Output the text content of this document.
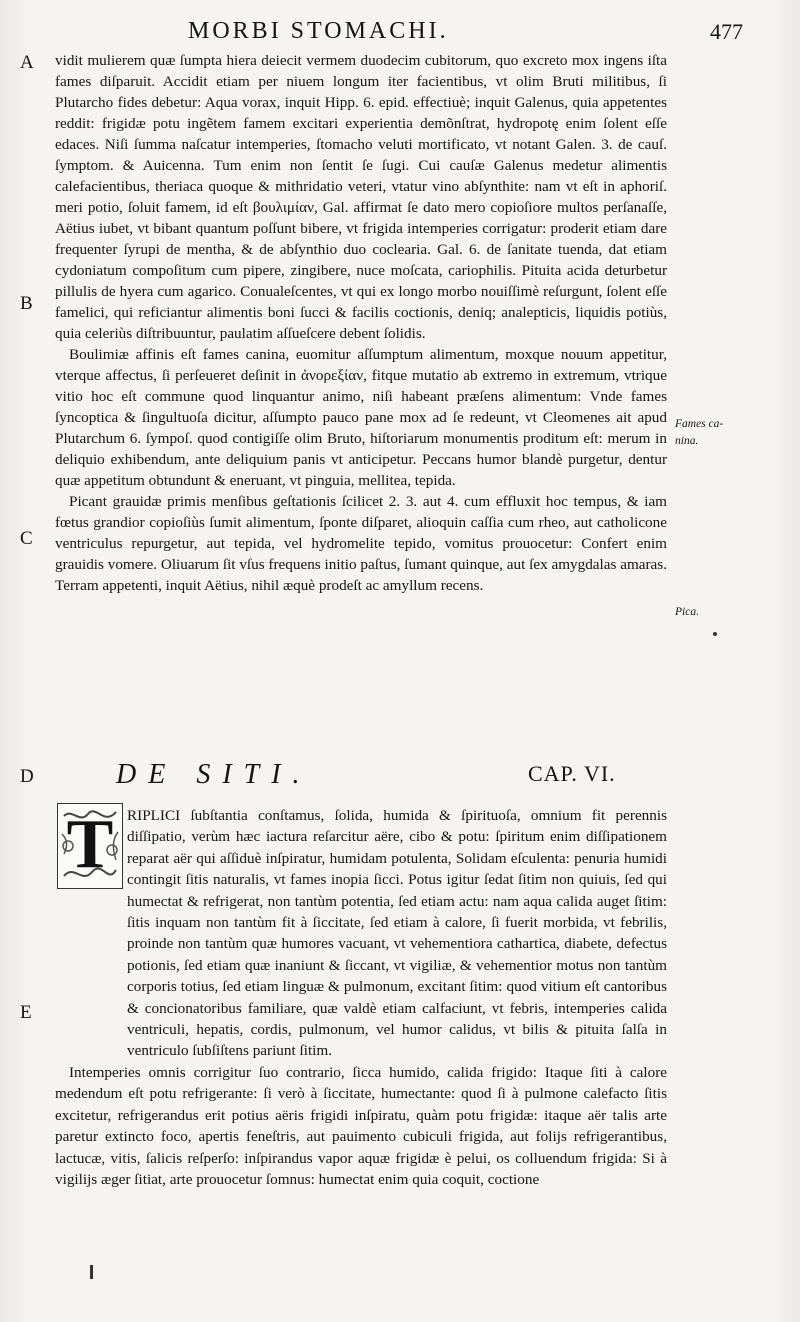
MORBI STOMACHI.	477
A
B
C
D
E
Fames ca-nina.
Pica.

vidit mulierem quæ ſumpta hiera deiecit vermem duodecim cubitorum, quo excreto mox ingens iſta fames diſparuit. Accidit etiam per niuem longum iter facientibus, vt olim Bruti militibus, ſi Plutarcho fides debetur: Aqua vorax, inquit Hipp. 6. epid. effectiuè; inquit Galenus, quia appetentes reddit: frigidæ potu ingẽtem famem excitari experientia demõnſtrat, hydropotę enim ſolent eſſe edaces. Niſi ſumma naſcatur intemperies, ſtomacho veluti mortificato, vt notant Galen. 3. de cauſ. ſymptom. & Auicenna. Tum enim non ſentit ſe ſugi. Cui cauſæ Galenus medetur alimentis calefacientibus, theriaca quoque & mithridatio veteri, vtatur vino abſynthite: nam vt eſt in aphoriſ. meri potio, ſoluit famem, id eſt βουλιμίαν, Gal. affirmat ſe dato mero copioſiore multos perſanaſſe, Aëtius iubet, vt bibant quantum poſſunt bibere, vt frigida intemperies corrigatur: proderit etiam dare frequenter ſyrupi de mentha, & de abſynthio duo coclearia. Gal. 6. de ſanitate tuenda, dat etiam cydoniatum compoſitum cum pipere, zingibere, nuce moſcata, cariophilis. Pituita acida deturbetur pillulis de hyera cum agarico. Conualeſcentes, vt qui ex longo morbo nouiſſimè reſurgunt, ſolent eſſe famelici, qui reficiantur alimentis boni ſucci & facilis coctionis, deniq; analepticis, liquidis potiùs, quia celeriùs diſtribuuntur, paulatim aſſueſcere debent ſolidis.

Boulimiæ affinis eſt fames canina, euomitur aſſumptum alimentum, moxque nouum appetitur, vterque affectus, ſi perſeueret deſinit in ἀνορεξίαν, fitque mutatio ab extremo in extremum, vtrique vitio hoc eſt commune quod linquantur animo, niſi habeant præſens alimentum: Vnde fames ſyncoptica & ſingultuoſa dicitur, aſſumpto pauco pane mox ad ſe redeunt, vt Cleomenes ait apud Plutarchum 6. ſympoſ. quod contigiſſe olim Bruto, hiſtoriarum monumentis proditum eſt: merum in deliquio exhibendum, ante deliquium panis vt anticipetur. Peccans humor blandè purgetur, dentur quæ appetitum obtundunt & eneruant, vt pinguia, mellitea, tepida.

Picant grauidæ primis menſibus geſtationis ſcilicet 2. 3. aut 4. cum effluxit hoc tempus, & iam fœtus grandior copioſiùs ſumit alimentum, ſponte diſparet, alioquin caſſia cum rheo, aut catholicone ventriculus repurgetur, aut tepida, vel hydromelite tepido, vomitus prouocetur: Confert enim grauidis vomere. Oliuarum ſit vſus frequens initio paſtus, ſumant quinque, aut ſex amygdalas amaras. Terram appetenti, inquit Aëtius, nihil æquè prodeſt ac amyllum recens.

DE SITI.	CAP. VI.
T RIPLICI ſubſtantia conſtamus, ſolida, humida & ſpirituoſa, omnium fit perennis diſſipatio, verùm hæc iactura reſarcitur aëre, cibo & potu: ſpiritum enim diſſipationem reparat aër qui aſſiduè inſpiratur, humidam potulenta, Solidam eſculenta: penuria humidi contingit ſitis naturalis, vt fames inopia ſicci. Potus igitur ſedat ſitim non quiuis, ſed qui humectat & refrigerat, non tantùm potentia, ſed etiam actu: nam aqua calida auget ſitim: ſitis inquam non tantùm fit à ſiccitate, ſed etiam à calore, ſi fuerit morbida, vt febrilis, proinde non tantùm quæ humores vacuant, vt vehementiora cathartica, diabete, defectus potionis, ſed etiam quæ inaniunt & ſiccant, vt vigiliæ, & vehementior motus non tantùm corporis totius, ſed etiam linguæ & pulmonum, excitant ſitim: quod vitium eſt cantoribus & concionatoribus familiare, quæ valdè etiam calfaciunt, vt febris, intemperies calida ventriculi, hepatis, cordis, pulmonum, vel humor calidus, vt bilis & pituita ſalſa in ventriculo ſubſiſtens pariunt ſitim.

Intemperies omnis corrigitur ſuo contrario, ſicca humido, calida frigido: Itaque ſiti à calore medendum eſt potu refrigerante: ſi verò à ſiccitate, humectante: quod ſi à pulmone calefacto ſitis excitetur, refrigerandus erit potius aëris frigidi inſpiratu, quàm potu frigidæ: itaque aër talis arte paretur extincto foco, apertis feneſtris, aut pauimento cubiculi frigida, aut folijs refrigerantibus, lactucæ, vitis, ſalicis reſperſo: inſpirandus vapor aquæ frigidæ è pelui, os colluendum frigida: Si à vigilijs æger ſitiat, arte prouocetur ſomnus: humectat enim quia coquit, coctione
